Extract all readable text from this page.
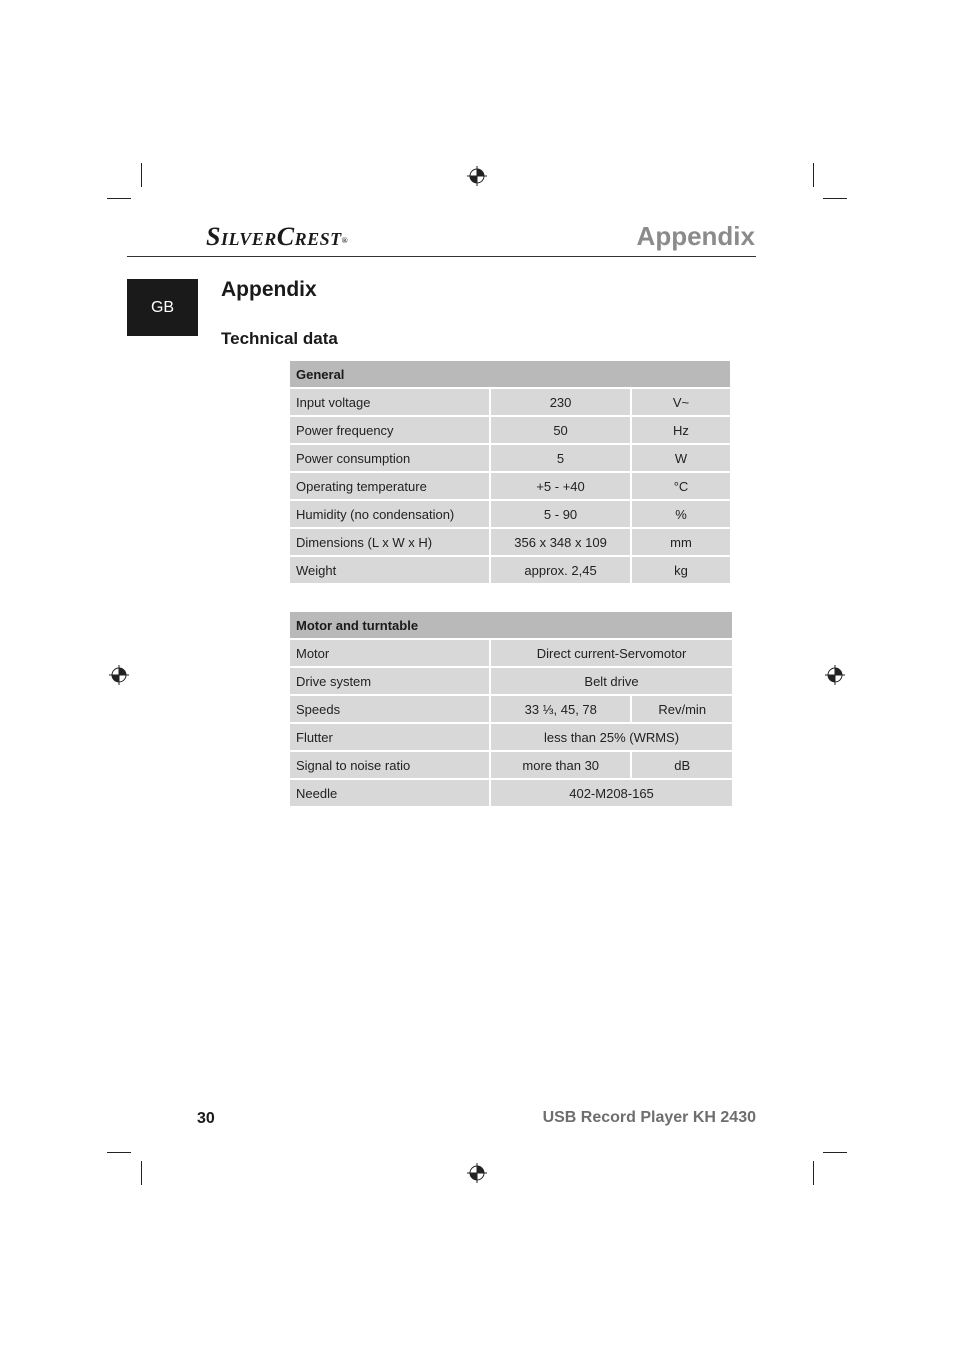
SilverCrest®	Appendix
GB
Appendix
Technical data
General		
Input voltage	230	V~
Power frequency	50	Hz
Power consumption	5	W
Operating temperature	+5 - +40	°C
Humidity (no condensation)	5 - 90	%
Dimensions (L x W x H)	356 x 348 x 109	mm
Weight	approx. 2,45	kg
Motor and turntable		
Motor	Direct current-Servomotor	
Drive system	Belt drive	
Speeds	33 ⅓, 45, 78	Rev/min
Flutter	less than 25% (WRMS)	
Signal to noise ratio	more than 30	dB
Needle	402-M208-165	
30	USB Record Player KH 2430
